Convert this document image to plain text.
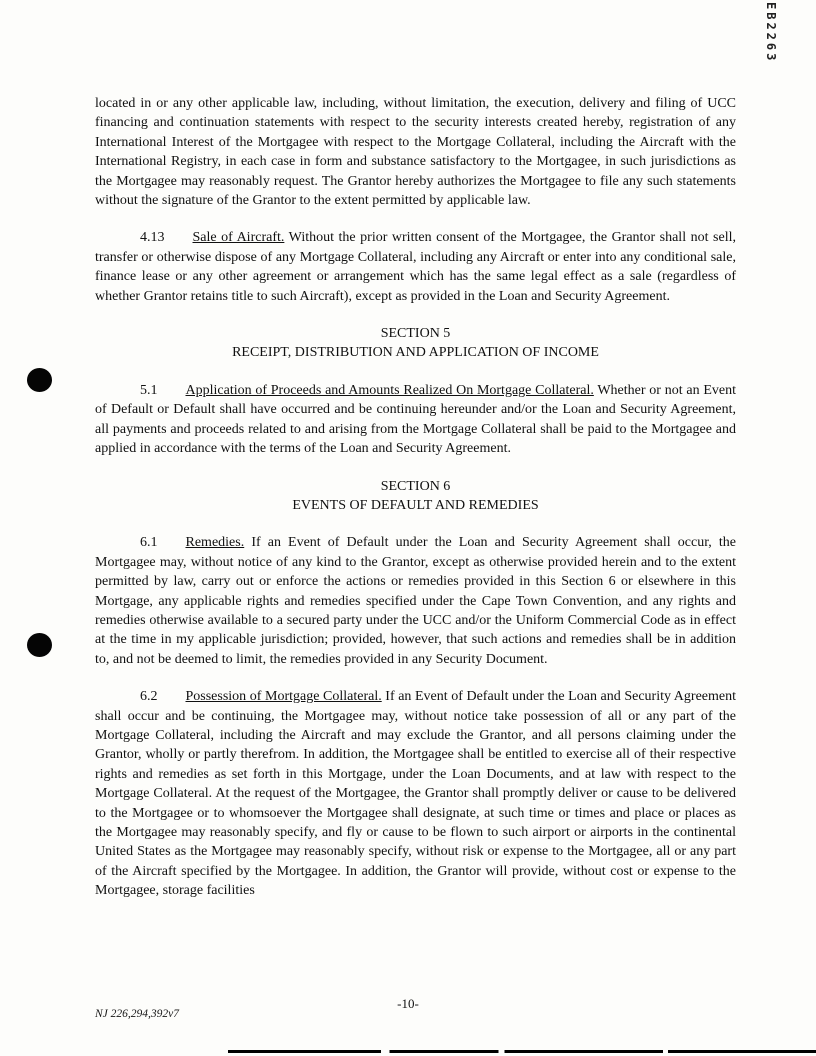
EB2263

located in or any other applicable law, including, without limitation, the execution, delivery and filing of UCC financing and continuation statements with respect to the security interests created hereby, registration of any International Interest of the Mortgagee with respect to the Mortgage Collateral, including the Aircraft with the International Registry, in each case in form and substance satisfactory to the Mortgagee, in such jurisdictions as the Mortgagee may reasonably request. The Grantor hereby authorizes the Mortgagee to file any such statements without the signature of the Grantor to the extent permitted by applicable law.

4.13 Sale of Aircraft. Without the prior written consent of the Mortgagee, the Grantor shall not sell, transfer or otherwise dispose of any Mortgage Collateral, including any Aircraft or enter into any conditional sale, finance lease or any other agreement or arrangement which has the same legal effect as a sale (regardless of whether Grantor retains title to such Aircraft), except as provided in the Loan and Security Agreement.

SECTION 5
RECEIPT, DISTRIBUTION AND APPLICATION OF INCOME

5.1 Application of Proceeds and Amounts Realized On Mortgage Collateral. Whether or not an Event of Default or Default shall have occurred and be continuing hereunder and/or the Loan and Security Agreement, all payments and proceeds related to and arising from the Mortgage Collateral shall be paid to the Mortgagee and applied in accordance with the terms of the Loan and Security Agreement.

SECTION 6
EVENTS OF DEFAULT AND REMEDIES

6.1 Remedies. If an Event of Default under the Loan and Security Agreement shall occur, the Mortgagee may, without notice of any kind to the Grantor, except as otherwise provided herein and to the extent permitted by law, carry out or enforce the actions or remedies provided in this Section 6 or elsewhere in this Mortgage, any applicable rights and remedies specified under the Cape Town Convention, and any rights and remedies otherwise available to a secured party under the UCC and/or the Uniform Commercial Code as in effect at the time in my applicable jurisdiction; provided, however, that such actions and remedies shall be in addition to, and not be deemed to limit, the remedies provided in any Security Document.

6.2 Possession of Mortgage Collateral. If an Event of Default under the Loan and Security Agreement shall occur and be continuing, the Mortgagee may, without notice take possession of all or any part of the Mortgage Collateral, including the Aircraft and may exclude the Grantor, and all persons claiming under the Grantor, wholly or partly therefrom. In addition, the Mortgagee shall be entitled to exercise all of their respective rights and remedies as set forth in this Mortgage, under the Loan Documents, and at law with respect to the Mortgage Collateral. At the request of the Mortgagee, the Grantor shall promptly deliver or cause to be delivered to the Mortgagee or to whomsoever the Mortgagee shall designate, at such time or times and place or places as the Mortgagee may reasonably specify, and fly or cause to be flown to such airport or airports in the continental United States as the Mortgagee may reasonably specify, without risk or expense to the Mortgagee, all or any part of the Aircraft specified by the Mortgagee. In addition, the Grantor will provide, without cost or expense to the Mortgagee, storage facilities

NJ 226,294,392v7
-10-
